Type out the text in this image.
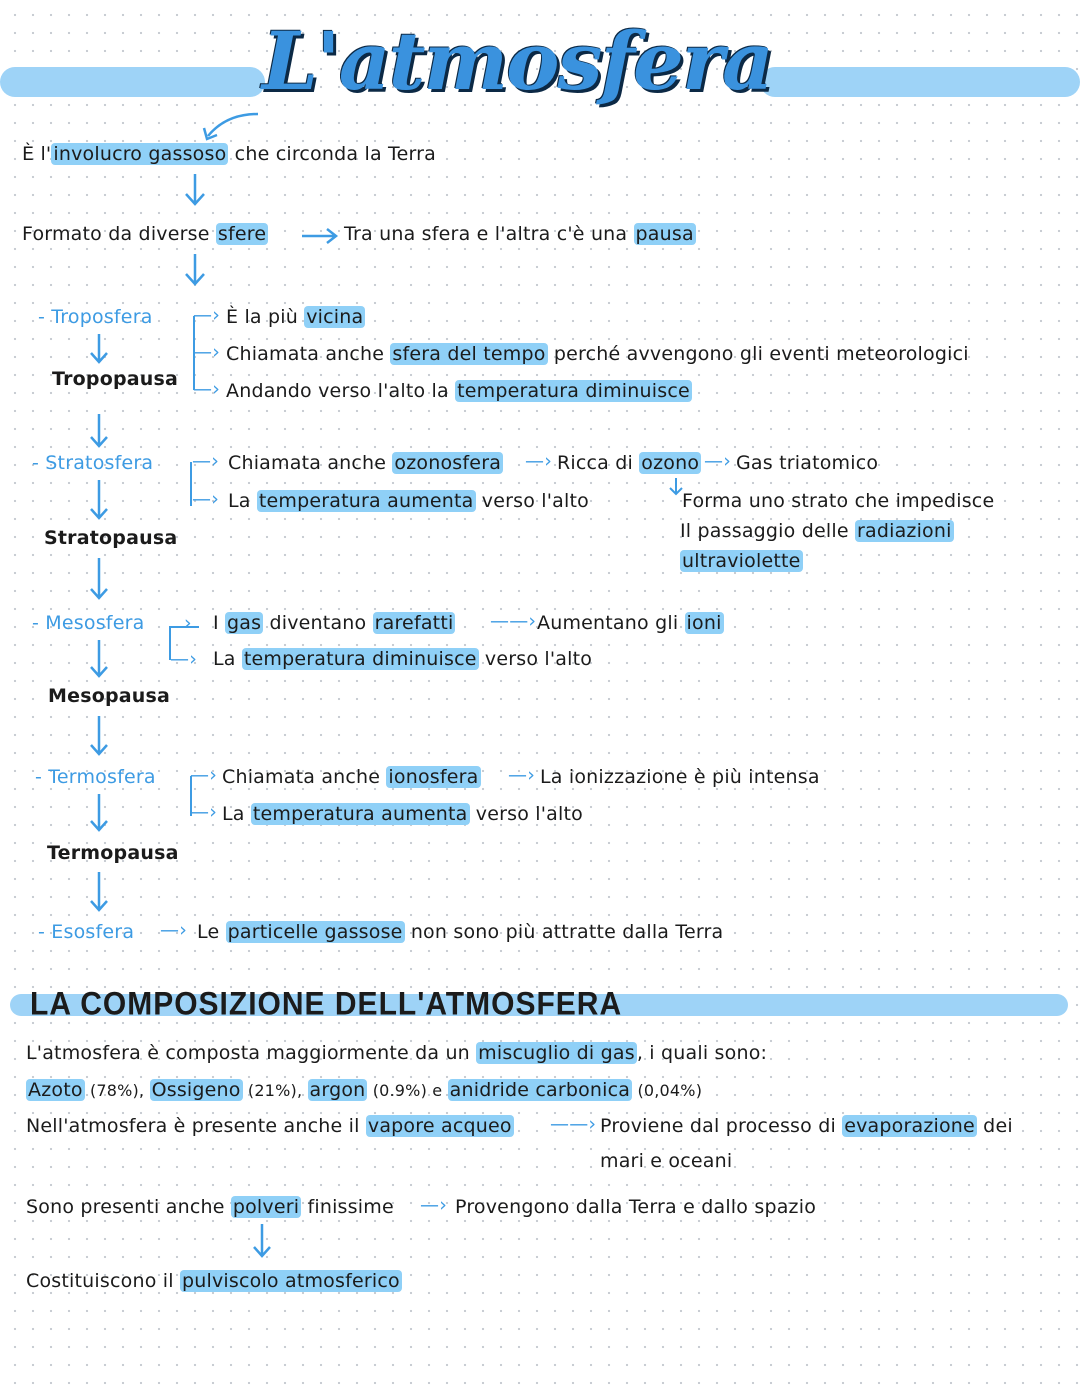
L'atmosfera
È l' involucro gassoso che circonda la Terra
Formato da diverse sfere	Tra una sfera e l'altra c'è una pausa
- Troposfera
Tropopausa
—›
—›
—›
È la più vicina
Chiamata anche sfera del tempo perché avvengono gli eventi meteorologici
Andando verso l'alto la temperatura diminuisce
- Stratosfera
Stratopausa
—›
—›
Chiamata anche ozonosfera —› Ricca di ozono —› Gas triatomico
La temperatura aumenta verso l'alto	Forma uno strato che impedisce
Il passaggio delle radiazioni
ultraviolette
- Mesosfera
Mesopausa
›
—›
I gas diventano rarefatti ——› Aumentano gli ioni
La temperatura diminuisce verso l'alto
- Termosfera
Termopausa
—›
—›
Chiamata anche ionosfera —› La ionizzazione è più intensa
La temperatura aumenta verso l'alto
- Esosfera —› Le particelle gassose non sono più attratte dalla Terra
LA COMPOSIZIONE DELL'ATMOSFERA
L'atmosfera è composta maggiormente da un miscuglio di gas , i quali sono:
Azoto (78%), Ossigeno (21%), argon (0.9%) e anidride carbonica (0,04%)
Nell'atmosfera è presente anche il vapore acqueo ——› Proviene dal processo di evaporazione dei
mari e oceani
Sono presenti anche polveri finissime —› Provengono dalla Terra e dallo spazio
Costituiscono il pulviscolo atmosferico
